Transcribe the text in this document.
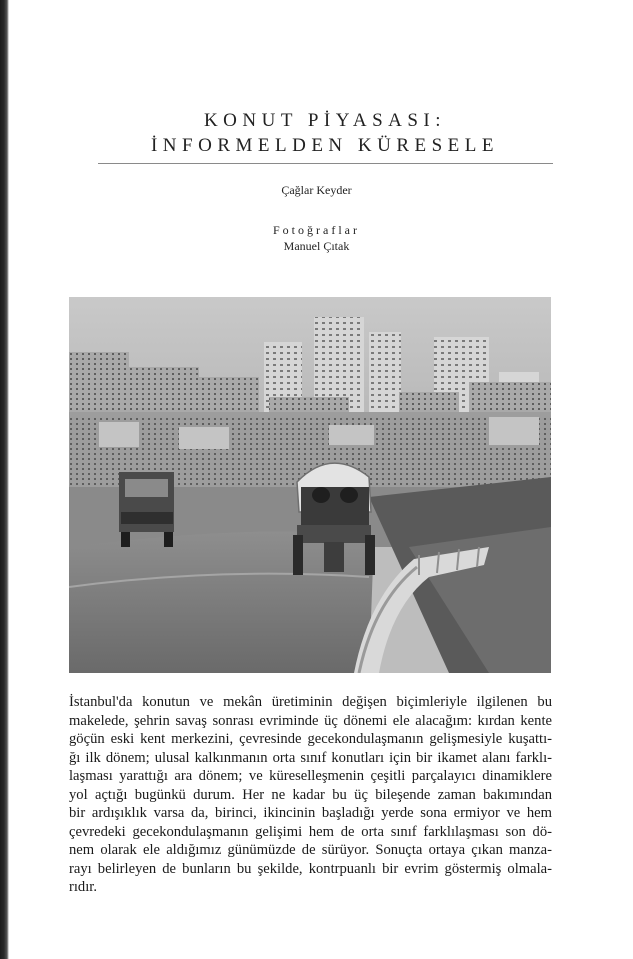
KONUT PİYASASI:
İNFORMELDEN KÜRESELE
Çağlar Keyder
Fotoğraflar
Manuel Çıtak
İstanbul'da konutun ve mekân üretiminin değişen biçimleriyle ilgilenen bu
makelede, şehrin savaş sonrası evriminde üç dönemi ele alacağım: kırdan kente
göçün eski kent merkezini, çevresinde gecekondulaşmanın gelişmesiyle kuşattı-
ğı ilk dönem; ulusal kalkınmanın orta sınıf konutları için bir ikamet alanı farklı-
laşması yarattığı ara dönem; ve küreselleşmenin çeşitli parçalayıcı dinamiklere
yol açtığı bugünkü durum. Her ne kadar bu üç bileşende zaman bakımından
bir ardışıklık varsa da, birinci, ikincinin başladığı yerde sona ermiyor ve hem
çevredeki gecekondulaşmanın gelişimi hem de orta sınıf farklılaşması son dö-
nem olarak ele aldığımız günümüzde de sürüyor. Sonuçta ortaya çıkan manza-
rayı belirleyen de bunların bu şekilde, kontrpuanlı bir evrim göstermiş olmala-
rıdır.
